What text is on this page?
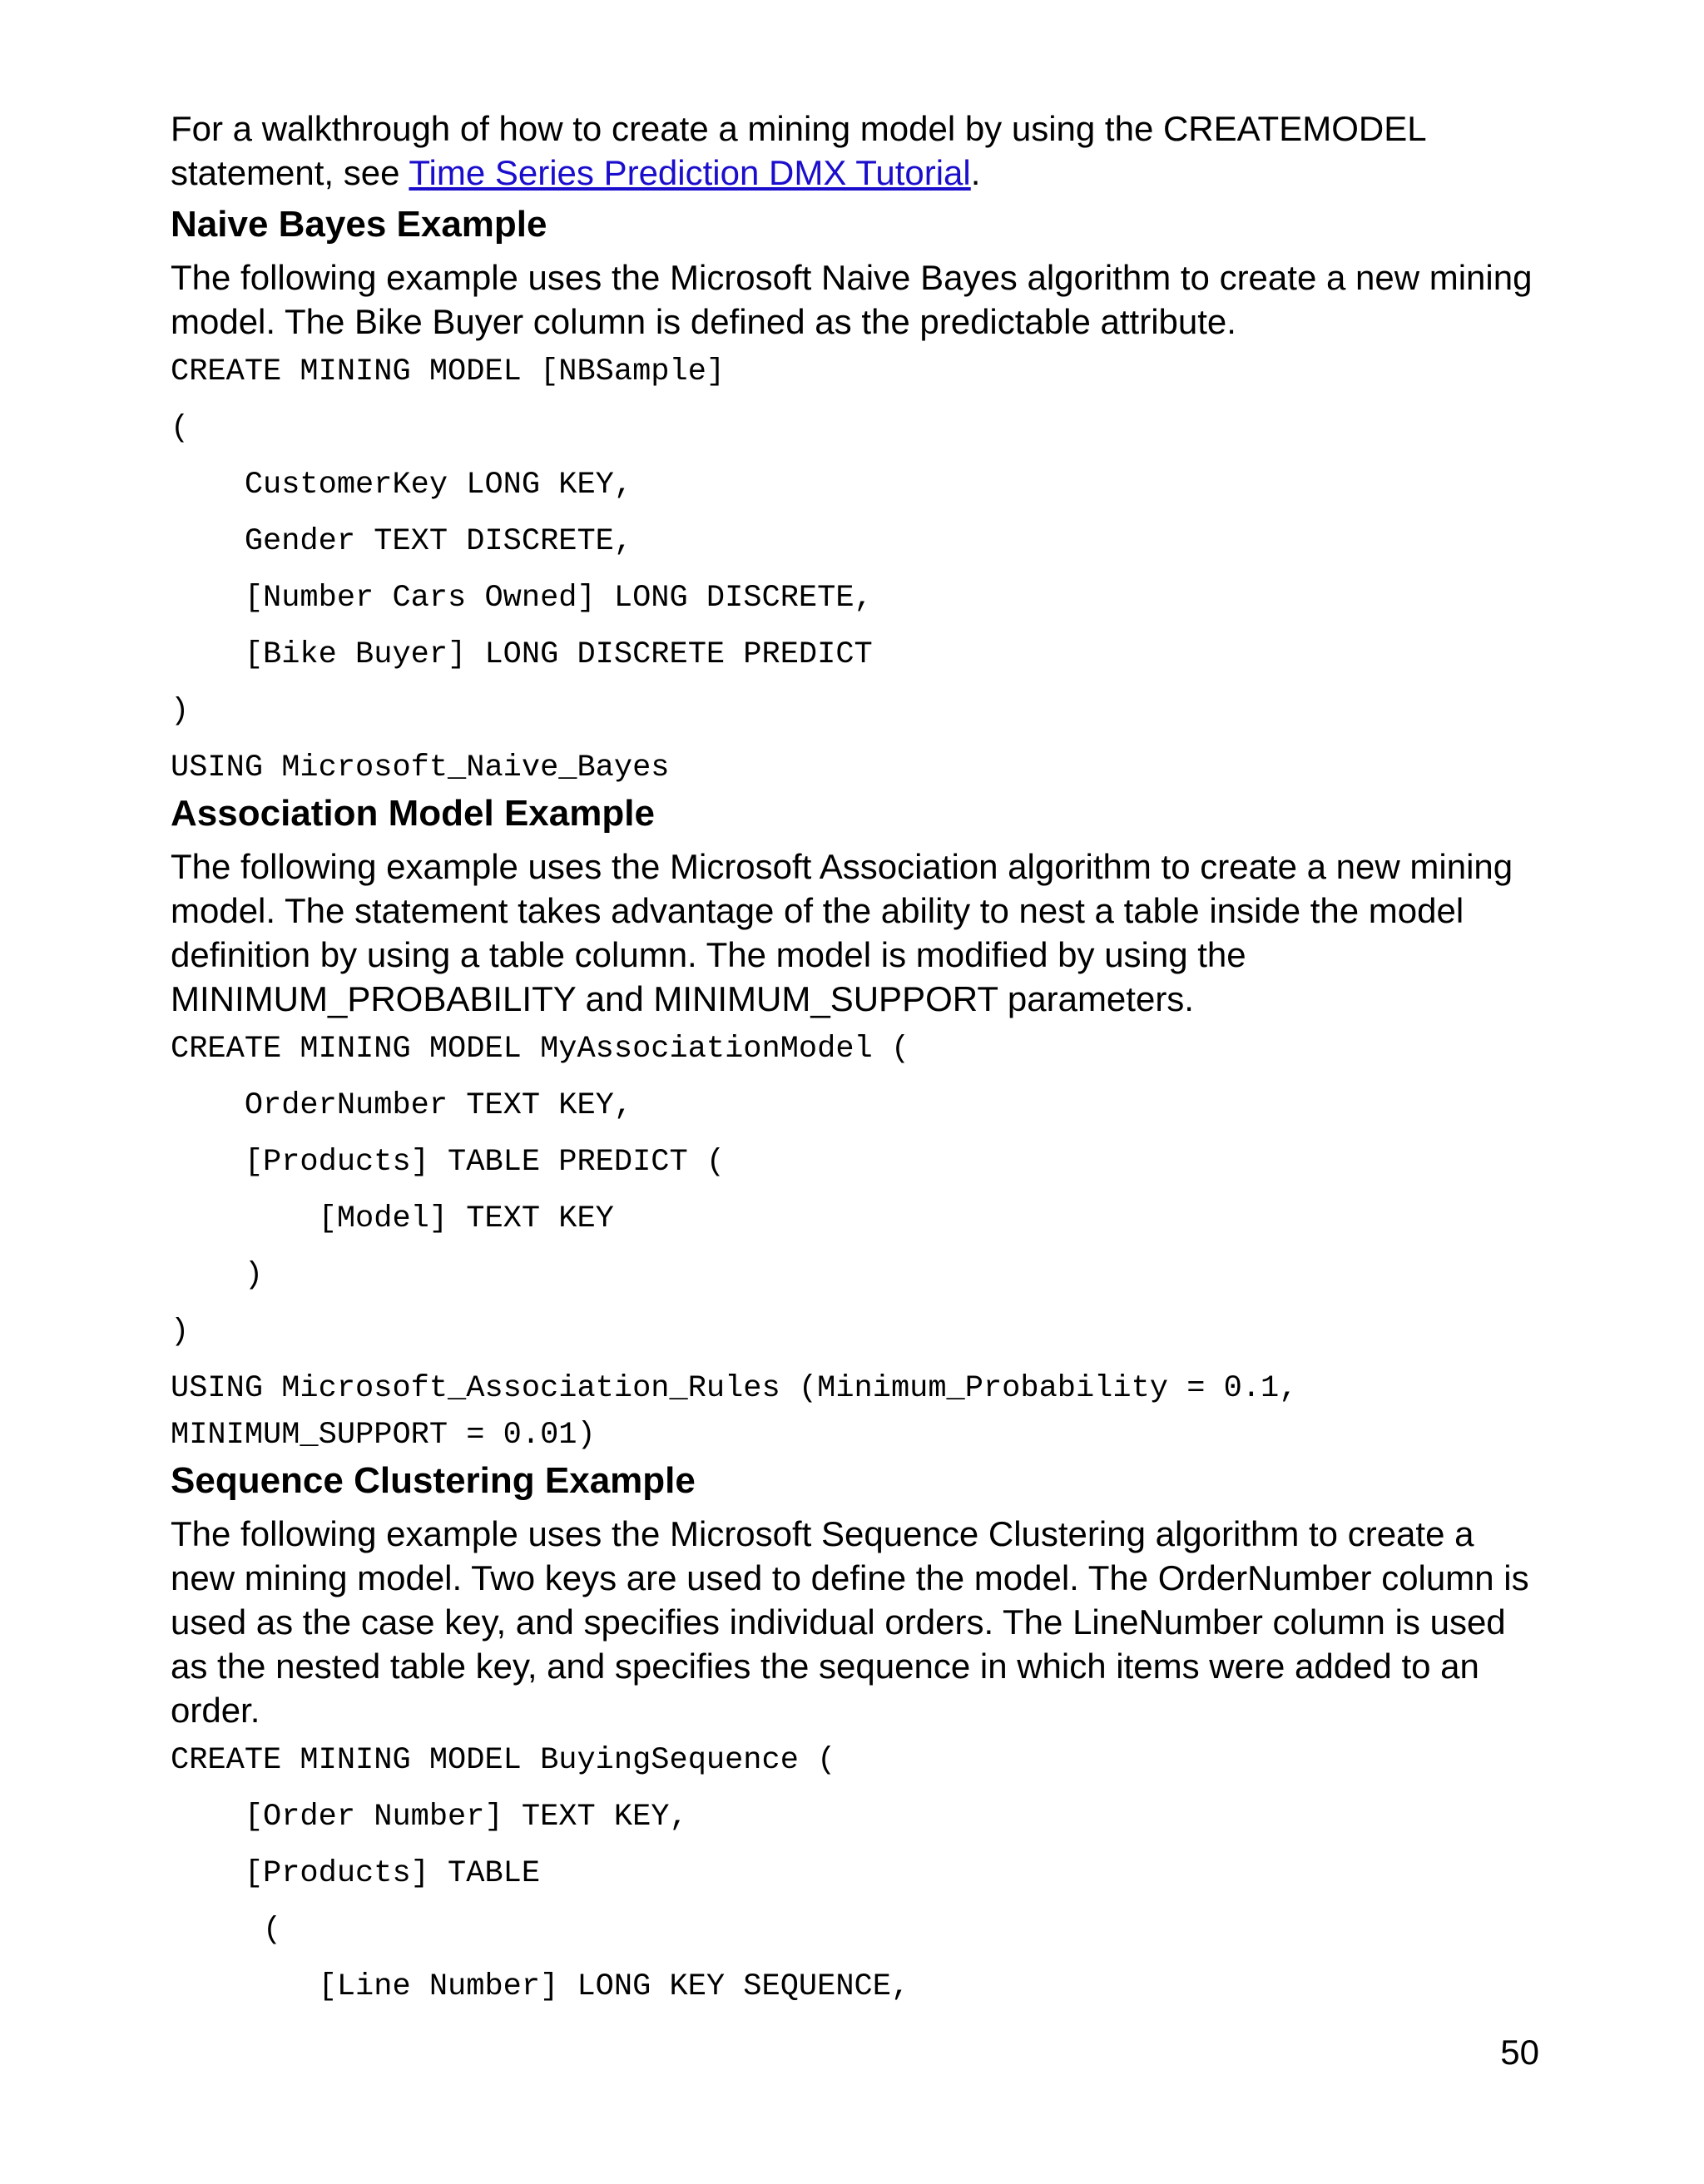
For a walkthrough of how to create a mining model by using the CREATEMODEL statement, see Time Series Prediction DMX Tutorial.

Naive Bayes Example

The following example uses the Microsoft Naive Bayes algorithm to create a new mining model. The Bike Buyer column is defined as the predictable attribute.

CREATE MINING MODEL [NBSample]

(

CustomerKey LONG KEY,

Gender TEXT DISCRETE,

[Number Cars Owned] LONG DISCRETE,

[Bike Buyer] LONG DISCRETE PREDICT

)

USING Microsoft_Naive_Bayes

Association Model Example

The following example uses the Microsoft Association algorithm to create a new mining model. The statement takes advantage of the ability to nest a table inside the model definition by using a table column. The model is modified by using the MINIMUM_PROBABILITY and MINIMUM_SUPPORT parameters.

CREATE MINING MODEL MyAssociationModel (

OrderNumber TEXT KEY,

[Products] TABLE PREDICT (

[Model] TEXT KEY

)

)

USING Microsoft_Association_Rules (Minimum_Probability = 0.1,

MINIMUM_SUPPORT = 0.01)

Sequence Clustering Example

The following example uses the Microsoft Sequence Clustering algorithm to create a new mining model. Two keys are used to define the model. The OrderNumber column is used as the case key, and specifies individual orders. The LineNumber column is used as the nested table key, and specifies the sequence in which items were added to an order.

CREATE MINING MODEL BuyingSequence (

[Order Number] TEXT KEY,

[Products] TABLE

(

[Line Number] LONG KEY SEQUENCE,

50
